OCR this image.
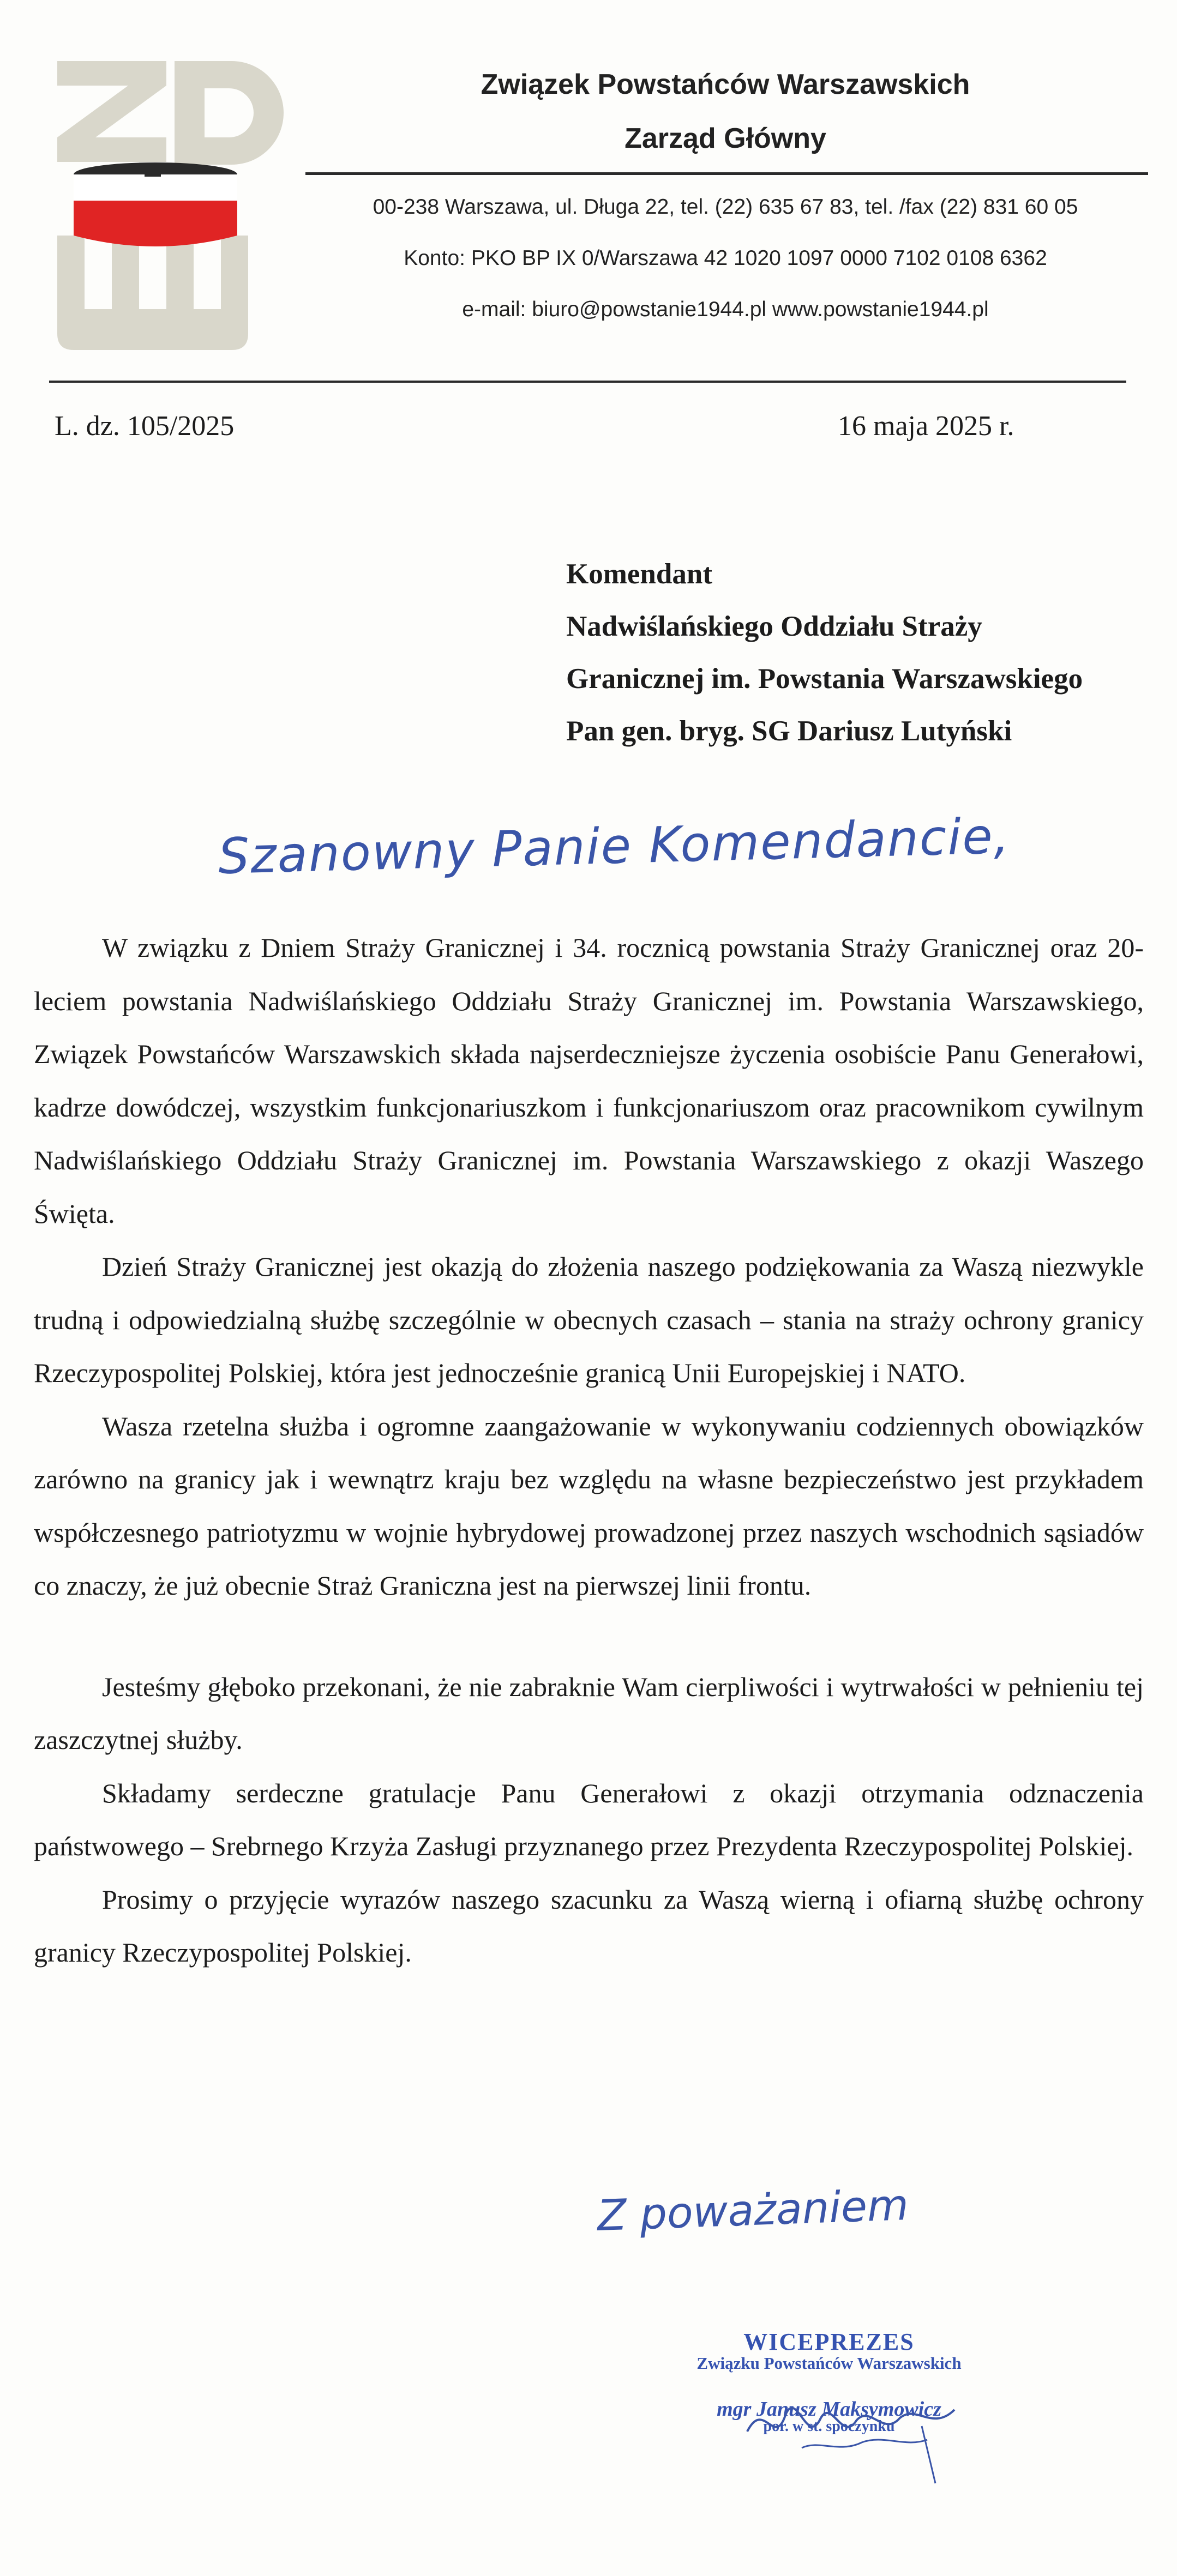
Związek Powstańców Warszawskich
Zarząd Główny
00-238 Warszawa, ul. Długa 22, tel. (22) 635 67 83, tel. /fax (22) 831 60 05
Konto: PKO BP IX 0/Warszawa 42 1020 1097 0000 7102 0108 6362
e-mail: biuro@powstanie1944.pl www.powstanie1944.pl
L. dz. 105/2025	16 maja 2025 r.
Komendant
Nadwiślańskiego Oddziału Straży
Granicznej im. Powstania Warszawskiego
Pan gen. bryg. SG Dariusz Lutyński
Szanowny Panie Komendancie,

W związku z Dniem Straży Granicznej i 34. rocznicą powstania Straży Granicznej oraz 20-leciem powstania Nadwiślańskiego Oddziału Straży Granicznej im. Powstania Warszawskiego, Związek Powstańców Warszawskich składa najserdeczniejsze życzenia osobiście Panu Generałowi, kadrze dowódczej, wszystkim funkcjonariuszkom i funkcjonariuszom oraz pracownikom cywilnym Nadwiślańskiego Oddziału Straży Granicznej im. Powstania Warszawskiego z okazji Waszego Święta.

Dzień Straży Granicznej jest okazją do złożenia naszego podziękowania za Waszą niezwykle trudną i odpowiedzialną służbę szczególnie w obecnych czasach – stania na straży ochrony granicy Rzeczypospolitej Polskiej, która jest jednocześnie granicą Unii Europejskiej i NATO.

Wasza rzetelna służba i ogromne zaangażowanie w wykonywaniu codziennych obowiązków zarówno na granicy jak i wewnątrz kraju bez względu na własne bezpieczeństwo jest przykładem współczesnego patriotyzmu w wojnie hybrydowej prowadzonej przez naszych wschodnich sąsiadów co znaczy, że już obecnie Straż Graniczna jest na pierwszej linii frontu.

Jesteśmy głęboko przekonani, że nie zabraknie Wam cierpliwości i wytrwałości w pełnieniu tej zaszczytnej służby.

Składamy serdeczne gratulacje Panu Generałowi z okazji otrzymania odznaczenia państwowego – Srebrnego Krzyża Zasługi przyznanego przez Prezydenta Rzeczypospolitej Polskiej.

Prosimy o przyjęcie wyrazów naszego szacunku za Waszą wierną i ofiarną służbę ochrony granicy Rzeczypospolitej Polskiej.

Z poważaniem
WICEPREZES
Związku Powstańców Warszawskich
mgr Janusz Maksymowicz
por. w st. spoczynku
